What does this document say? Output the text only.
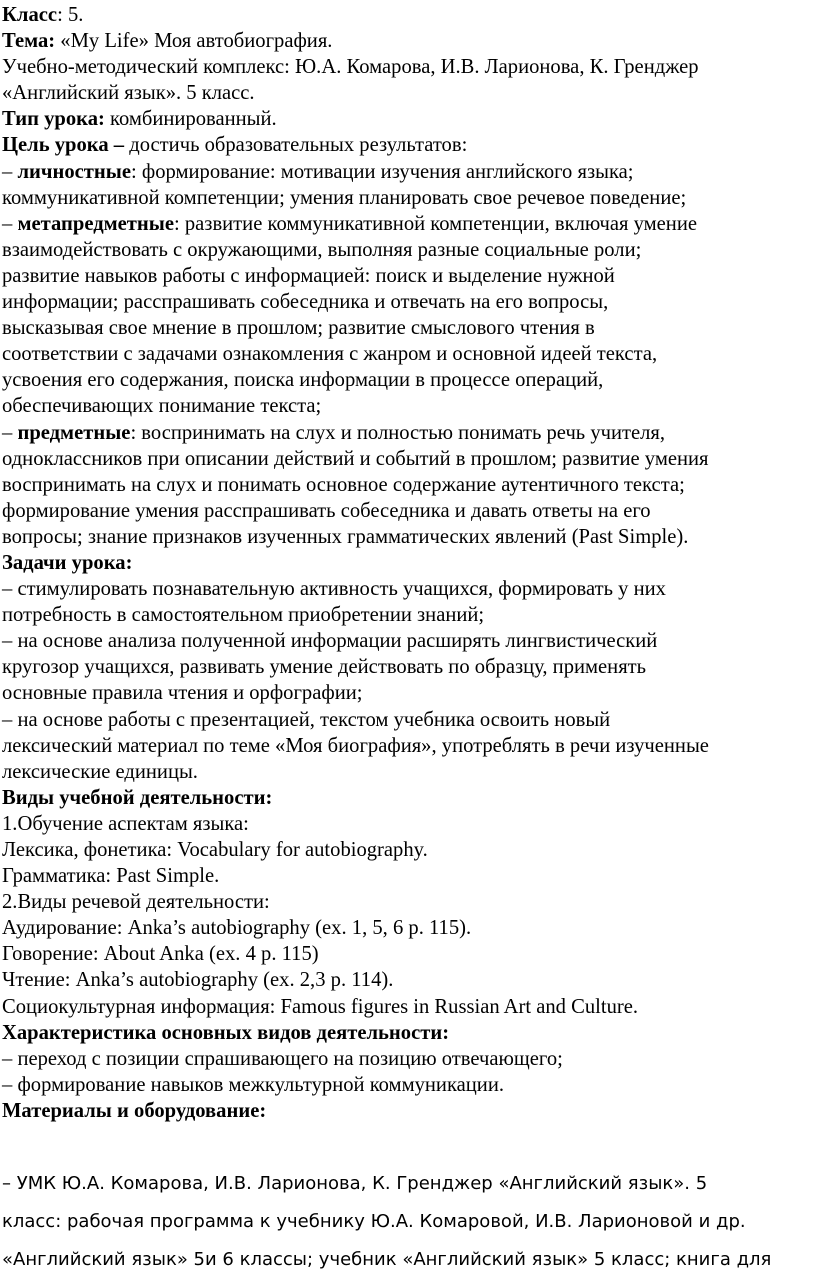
Класс: 5.
Тема: «My Life» Моя автобиография.
Учебно-методический комплекс: Ю.А. Комарова, И.В. Ларионова, К. Гренджер
«Английский язык». 5 класс.
Тип урока: комбинированный.
Цель урока – достичь образовательных результатов:
– личностные: формирование: мотивации изучения английского языка;
коммуникативной компетенции; умения планировать свое речевое поведение;
– метапредметные: развитие коммуникативной компетенции, включая умение
взаимодействовать с окружающими, выполняя разные социальные роли;
развитие навыков работы с информацией: поиск и выделение нужной
информации; расспрашивать собеседника и отвечать на его вопросы,
высказывая свое мнение в прошлом; развитие смыслового чтения в
соответствии с задачами ознакомления с жанром и основной идеей текста,
усвоения его содержания, поиска информации в процессе операций,
обеспечивающих понимание текста;
– предметные: воспринимать на слух и полностью понимать речь учителя,
одноклассников при описании действий и событий в прошлом; развитие умения
воспринимать на слух и понимать основное содержание аутентичного текста;
формирование умения расспрашивать собеседника и давать ответы на его
вопросы; знание признаков изученных грамматических явлений (Past Simple).
Задачи урока:
– стимулировать познавательную активность учащихся, формировать у них
потребность в самостоятельном приобретении знаний;
– на основе анализа полученной информации расширять лингвистический
кругозор учащихся, развивать умение действовать по образцу, применять
основные правила чтения и орфографии;
– на основе работы с презентацией, текстом учебника освоить новый
лексический материал по теме «Моя биография», употреблять в речи изученные
лексические единицы.
Виды учебной деятельности:
1.Обучение аспектам языка:
Лексика, фонетика: Vocabulary for autobiography.
Грамматика: Past Simple.
2.Виды речевой деятельности:
Аудирование: Anka’s autobiography (ex. 1, 5, 6 p. 115).
Говорение: About Anka (ex. 4 p. 115)
Чтение: Anka’s autobiography (ex. 2,3 p. 114).
Социокультурная информация: Famous figures in Russian Art and Culture.
Характеристика основных видов деятельности:
– переход с позиции спрашивающего на позицию отвечающего;
– формирование навыков межкультурной коммуникации.
Материалы и оборудование:
– УМК Ю.А. Комарова, И.В. Ларионова, К. Гренджер «Английский язык». 5
класс: рабочая программа к учебнику Ю.А. Комаровой, И.В. Ларионовой и др.
«Английский язык» 5и 6 классы; учебник «Английский язык» 5 класс; книга для
